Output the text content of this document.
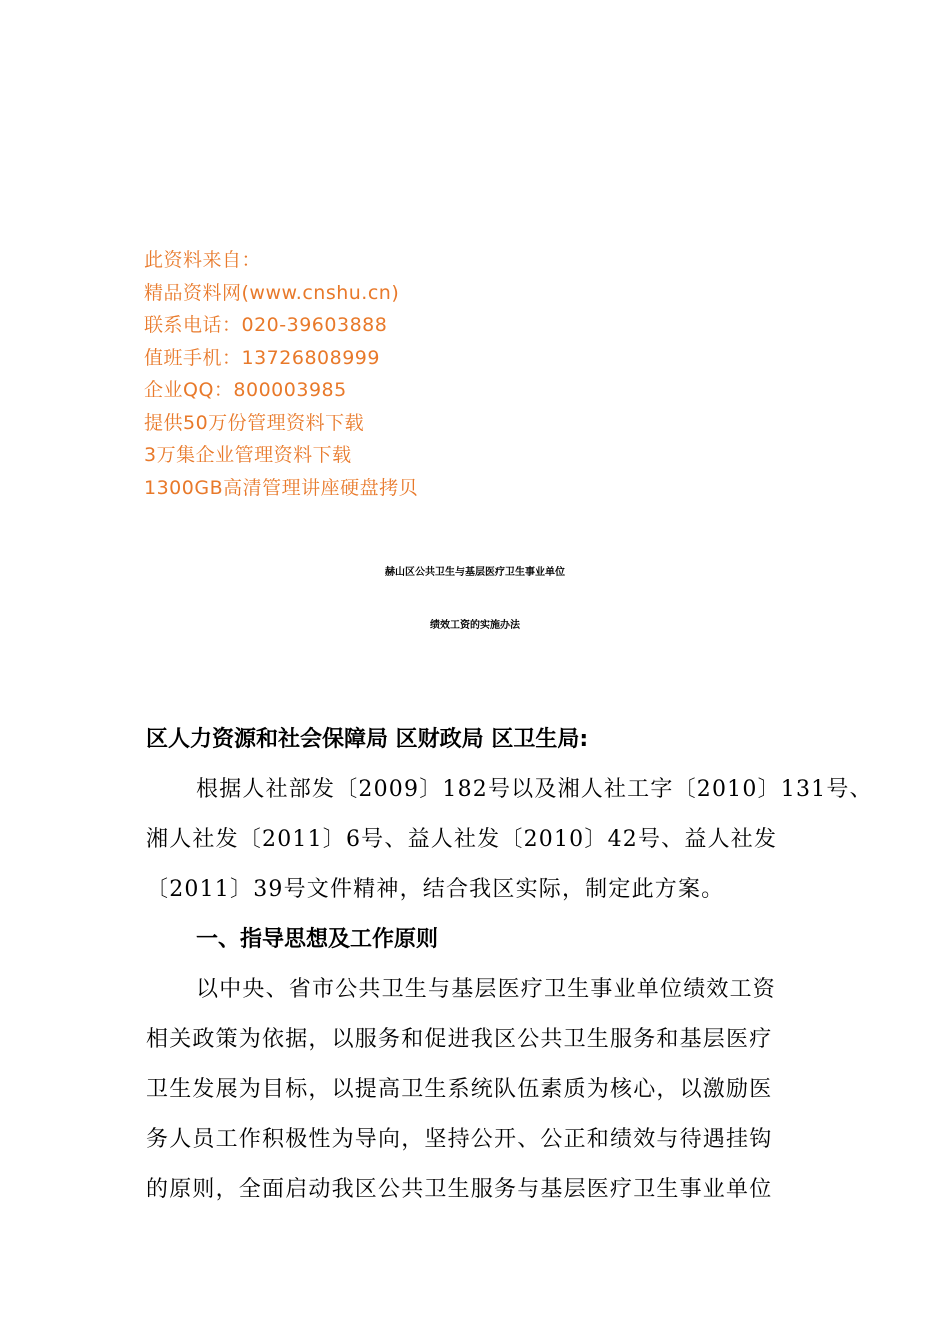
此资料来自：
精品资料网(www.cnshu.cn)
联系电话：020-39603888
值班手机：13726808999
企业QQ：800003985
提供50万份管理资料下载
3万集企业管理资料下载
1300GB高清管理讲座硬盘拷贝
赫山区公共卫生与基层医疗卫生事业单位
绩效工资的实施办法
区人力资源和社会保障局 区财政局 区卫生局:
根据人社部发〔2009〕182号以及湘人社工字〔2010〕131号、
湘人社发〔2011〕6号、益人社发〔2010〕42号、益人社发
〔2011〕39号文件精神，结合我区实际，制定此方案。
一、指导思想及工作原则
以中央、省市公共卫生与基层医疗卫生事业单位绩效工资
相关政策为依据，以服务和促进我区公共卫生服务和基层医疗
卫生发展为目标，以提高卫生系统队伍素质为核心，以激励医
务人员工作积极性为导向，坚持公开、公正和绩效与待遇挂钩
的原则，全面启动我区公共卫生服务与基层医疗卫生事业单位
